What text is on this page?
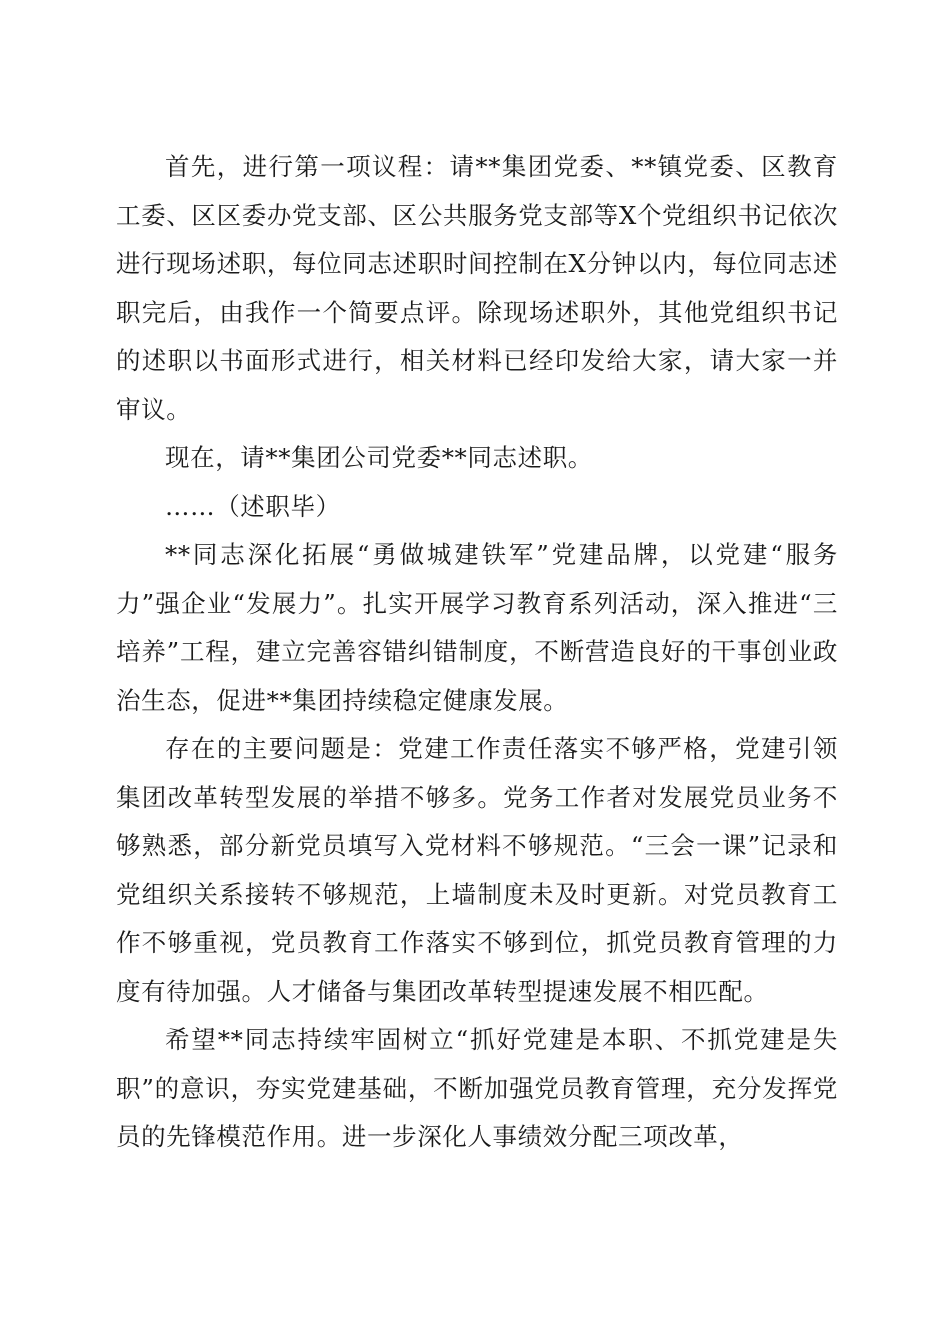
首先，进行第一项议程：请**集团党委、**镇党委、区教育工委、区区委办党支部、区公共服务党支部等X个党组织书记依次进行现场述职，每位同志述职时间控制在X分钟以内，每位同志述职完后，由我作一个简要点评。除现场述职外，其他党组织书记的述职以书面形式进行，相关材料已经印发给大家，请大家一并审议。

现在，请**集团公司党委**同志述职。

……（述职毕）

**同志深化拓展“勇做城建铁军”党建品牌，以党建“服务力”强企业“发展力”。扎实开展学习教育系列活动，深入推进“三培养”工程，建立完善容错纠错制度，不断营造良好的干事创业政治生态，促进**集团持续稳定健康发展。

存在的主要问题是：党建工作责任落实不够严格，党建引领集团改革转型发展的举措不够多。党务工作者对发展党员业务不够熟悉，部分新党员填写入党材料不够规范。“三会一课”记录和党组织关系接转不够规范，上墙制度未及时更新。对党员教育工作不够重视，党员教育工作落实不够到位，抓党员教育管理的力度有待加强。人才储备与集团改革转型提速发展不相匹配。

希望**同志持续牢固树立“抓好党建是本职、不抓党建是失职”的意识，夯实党建基础，不断加强党员教育管理，充分发挥党员的先锋模范作用。进一步深化人事绩效分配三项改革，
